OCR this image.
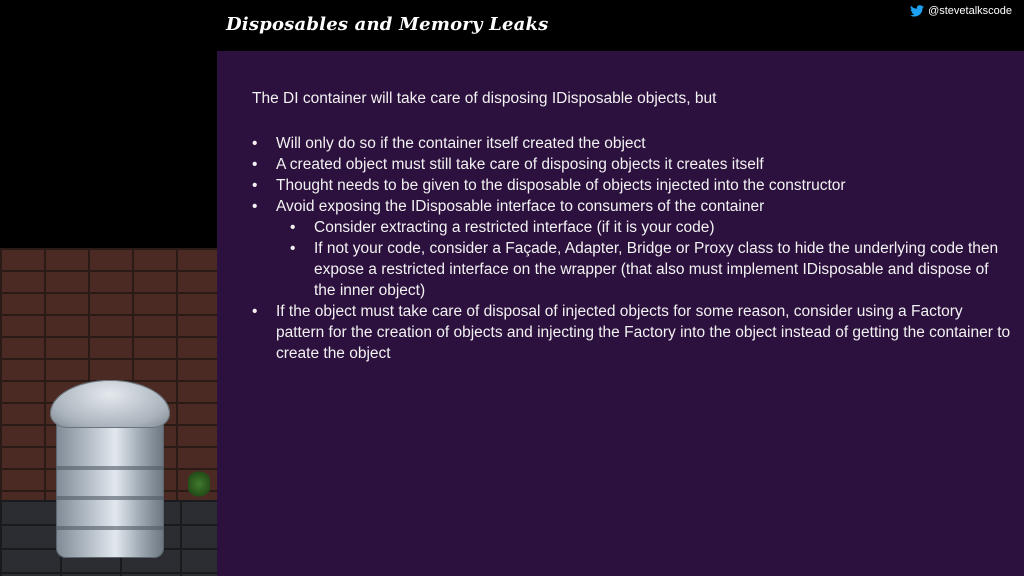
Disposables and Memory Leaks
@stevetalkscode

The DI container will take care of disposing IDisposable objects, but

• Will only do so if the container itself created the object

• A created object must still take care of disposing objects it creates itself

• Thought needs to be given to the disposable of objects injected into the constructor

• Avoid exposing the IDisposable interface to consumers of the container

• Consider extracting a restricted interface (if it is your code)

• If not your code, consider a Façade, Adapter, Bridge or Proxy class to hide the underlying code then expose a restricted interface on the wrapper (that also must implement IDisposable and dispose of the inner object)

• If the object must take care of disposal of injected objects for some reason, consider using a Factory pattern for the creation of objects and injecting the Factory into the object instead of getting the container to create the object
